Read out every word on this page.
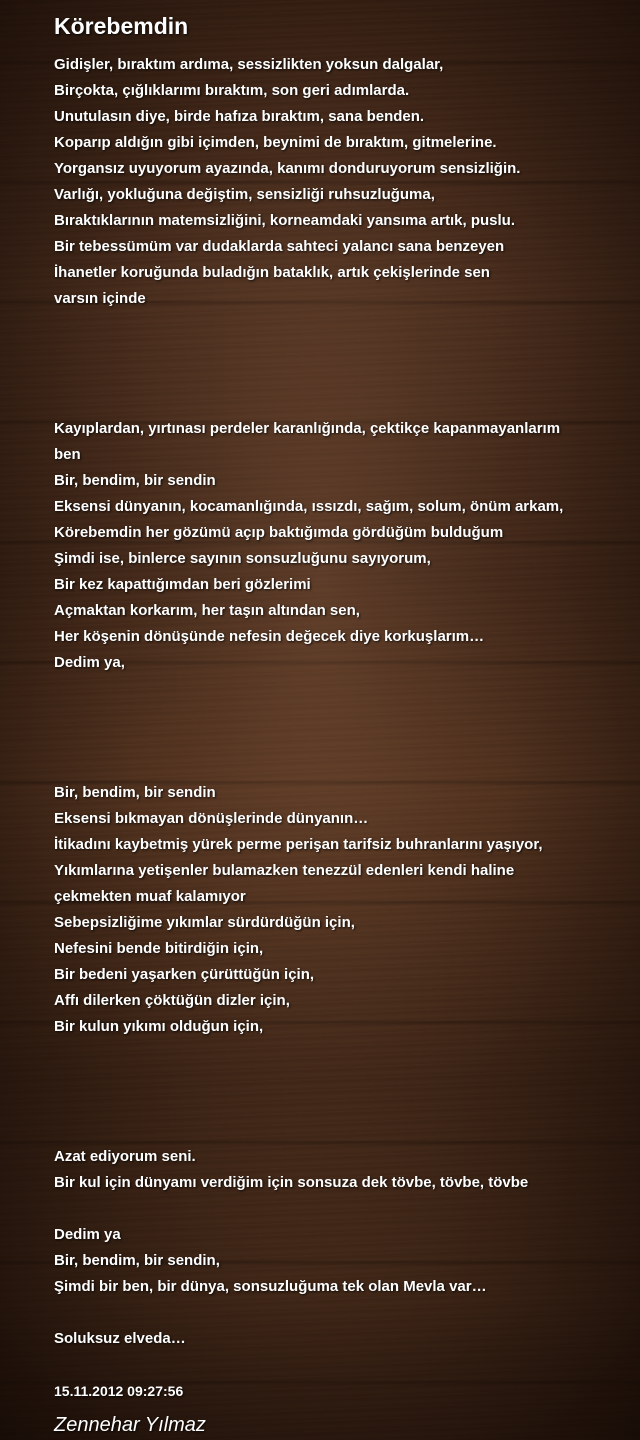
Körebemdin
Gidişler, bıraktım ardıma, sessizlikten yoksun dalgalar,
Birçokta, çığlıklarımı bıraktım, son geri adımlarda.
Unutulasın diye, birde hafıza bıraktım, sana benden.
Koparıp aldığın gibi içimden, beynimi de bıraktım, gitmelerine.
Yorgansız uyuyorum ayazında, kanımı donduruyorum sensizliğin.
Varlığı, yokluğuna değiştim, sensizliği ruhsuzluğuma,
Bıraktıklarının matemsizliğini, korneamdaki yansıma artık, puslu.
Bir tebessümüm var dudaklarda sahteci yalancı sana benzeyen
İhanetler koruğunda buladığın bataklık, artık çekişlerinde sen
varsın içinde
Kayıplardan, yırtınası perdeler karanlığında, çektikçe kapanmayanlarım
ben
Bir, bendim, bir sendin
Eksensi dünyanın, kocamanlığında, ıssızdı, sağım, solum, önüm arkam,
Körebemdin her gözümü açıp baktığımda gördüğüm bulduğum
Şimdi ise, binlerce sayının sonsuzluğunu sayıyorum,
Bir kez kapattığımdan beri gözlerimi
Açmaktan korkarım, her taşın altından sen,
Her köşenin dönüşünde nefesin değecek diye korkuşlarım…
Dedim ya,
Bir, bendim, bir sendin
Eksensi bıkmayan dönüşlerinde dünyanın…
İtikadını kaybetmiş yürek perme perişan tarifsiz buhranlarını yaşıyor,
Yıkımlarına yetişenler bulamazken tenezzül edenleri kendi haline
çekmekten muaf kalamıyor
Sebepsizliğime yıkımlar sürdürdüğün için,
Nefesini bende bitirdiğin için,
Bir bedeni yaşarken çürüttüğün için,
Affı dilerken çöktüğün dizler için,
Bir kulun yıkımı olduğun için,
Azat ediyorum seni.
Bir kul için dünyamı verdiğim için sonsuza dek tövbe, tövbe, tövbe
Dedim ya
Bir, bendim, bir sendin,
Şimdi bir ben, bir dünya, sonsuzluğuma tek olan Mevla var…
Soluksuz elveda…
15.11.2012 09:27:56
Zennehar Yılmaz
